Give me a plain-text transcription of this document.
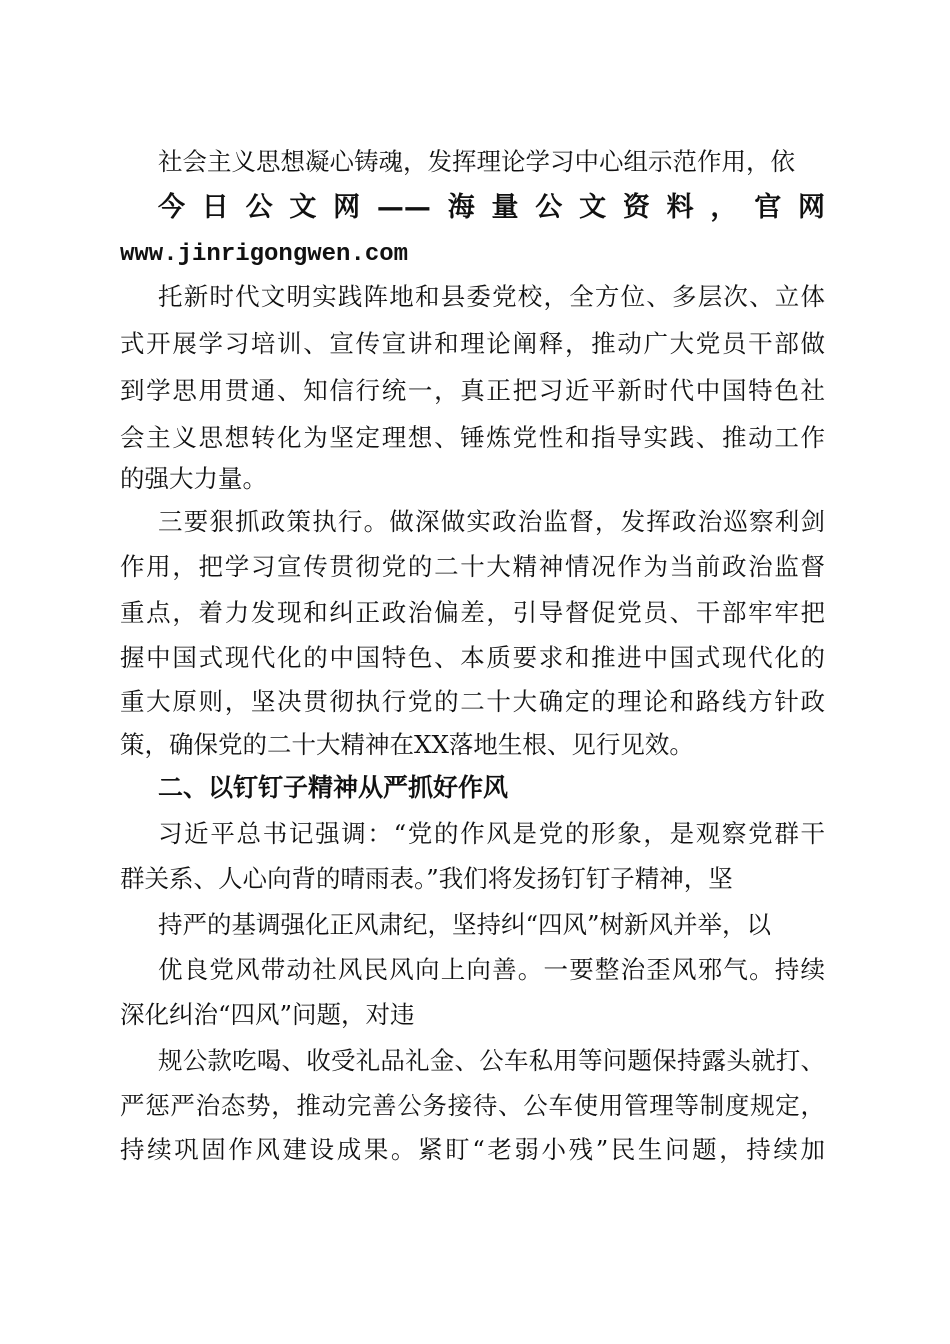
社会主义思想凝心铸魂，发挥理论学习中心组示范作用，依
今日公文网——海量公文资料，官网
www.jinrigongwen.com
托新时代文明实践阵地和县委党校，全方位、多层次、立体
式开展学习培训、宣传宣讲和理论阐释，推动广大党员干部做
到学思用贯通、知信行统一，真正把习近平新时代中国特色社
会主义思想转化为坚定理想、锤炼党性和指导实践、推动工作
的强大力量。
三要狠抓政策执行。做深做实政治监督，发挥政治巡察利剑
作用，把学习宣传贯彻党的二十大精神情况作为当前政治监督
重点，着力发现和纠正政治偏差，引导督促党员、干部牢牢把
握中国式现代化的中国特色、本质要求和推进中国式现代化的
重大原则，坚决贯彻执行党的二十大确定的理论和路线方针政
策，确保党的二十大精神在XX落地生根、见行见效。
二、以钉钉子精神从严抓好作风
习近平总书记强调：“党的作风是党的形象，是观察党群干
群关系、人心向背的晴雨表。”我们将发扬钉钉子精神，坚
持严的基调强化正风肃纪，坚持纠“四风”树新风并举，以
优良党风带动社风民风向上向善。一要整治歪风邪气。持续
深化纠治“四风”问题，对违
规公款吃喝、收受礼品礼金、公车私用等问题保持露头就打、
严惩严治态势，推动完善公务接待、公车使用管理等制度规定，
持续巩固作风建设成果。紧盯“老弱小残”民生问题，持续加
